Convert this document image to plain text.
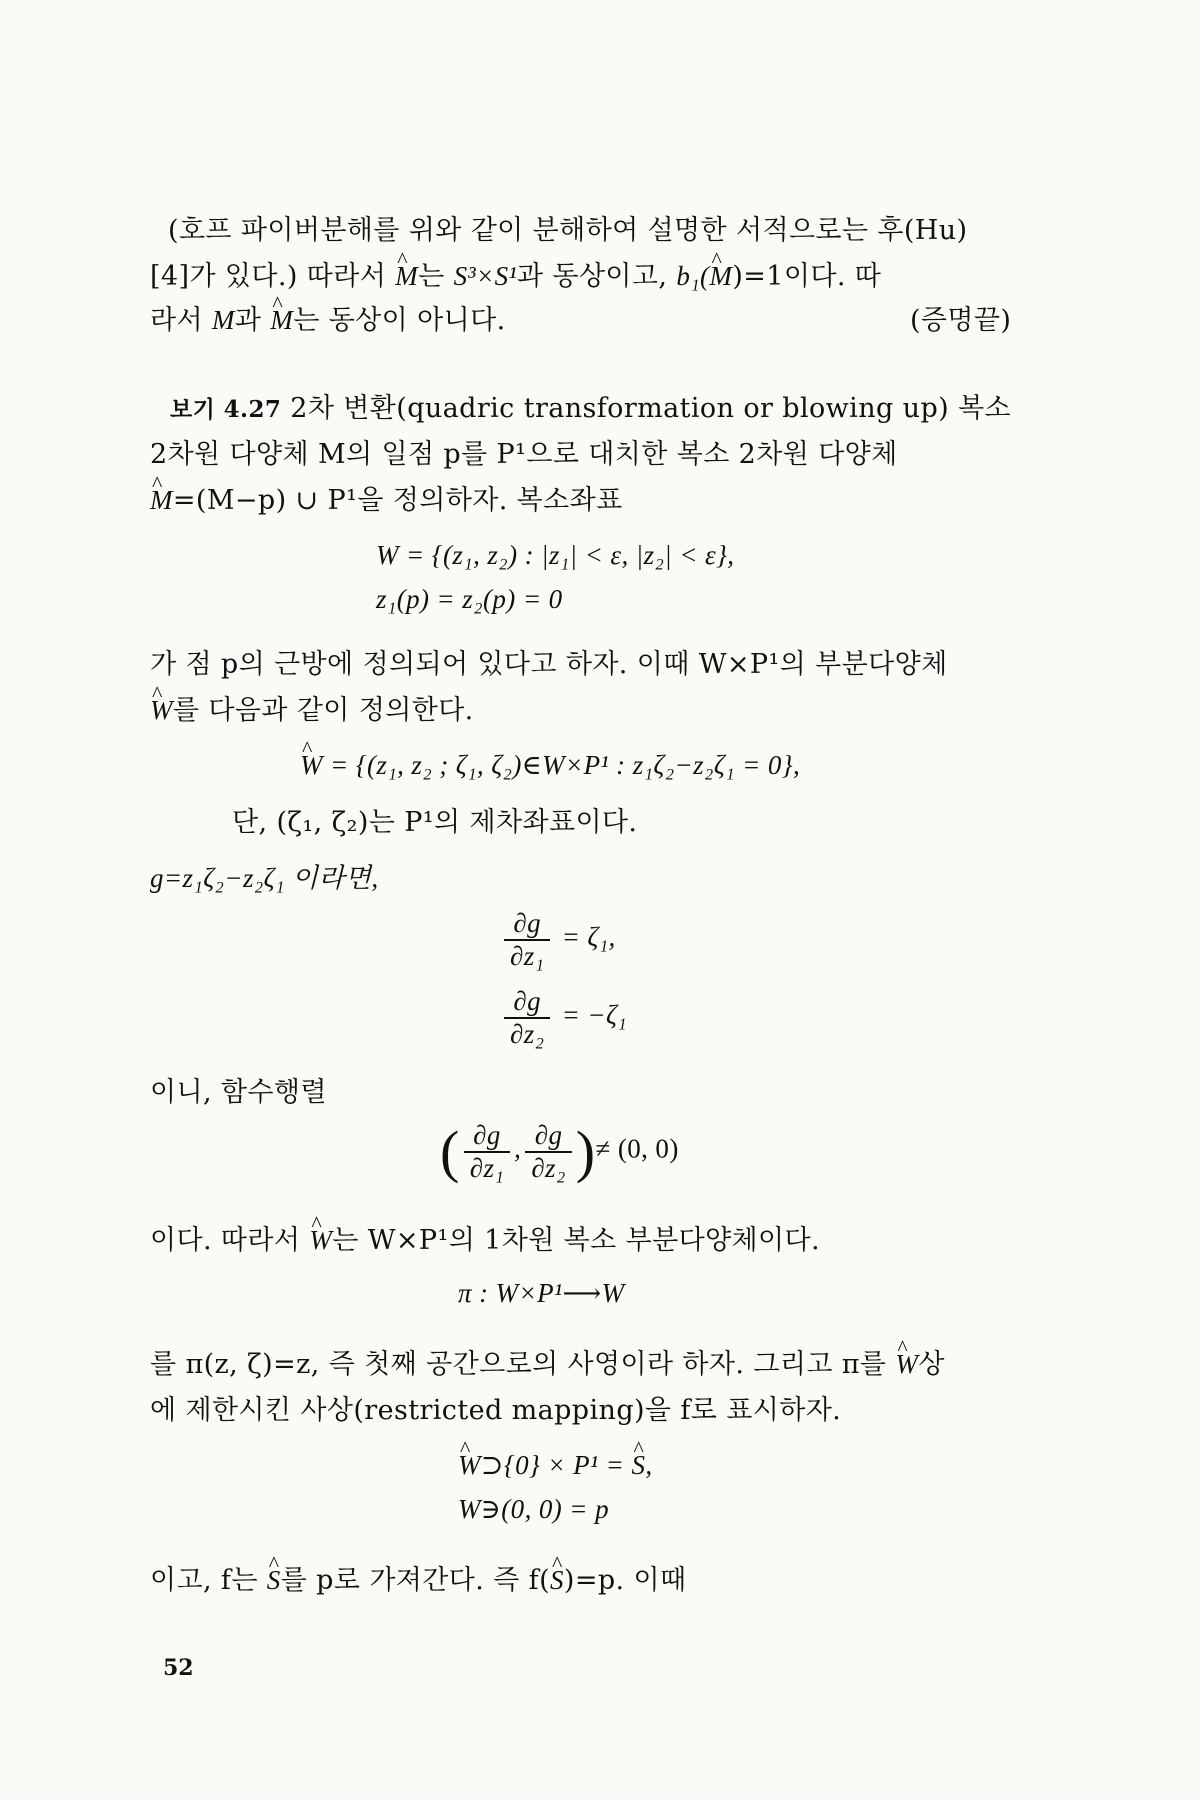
(호프 파이버분해를 위와 같이 분해하여 설명한 서적으로는 후(Hu)
[4]가 있다.) 따라서 ^ M는 S³×S¹과 동상이고, b₁(^ M)=1이다. 따
라서 M과 ^ M는 동상이 아니다.	(증명끝)
보기 4.27 2차 변환(quadric transformation or blowing up) 복소
2차원 다양체 M의 일점 p를 P¹으로 대치한 복소 2차원 다양체
^ M=(M−p) ∪ P¹을 정의하자. 복소좌표
W = {(z₁, z₂) : |z₁| < ε, |z₂| < ε},
z₁(p) = z₂(p) = 0
가 점 p의 근방에 정의되어 있다고 하자. 이때 W×P¹의 부분다양체
^ W를 다음과 같이 정의한다.
^ W = {(z₁, z₂ ; ζ₁, ζ₂)∈W×P¹ : z₁ζ₂−z₂ζ₁ = 0},
단, (ζ₁, ζ₂)는 P¹의 제차좌표이다.
g=z₁ζ₂−z₂ζ₁ 이라면,
$\frac{\partial g}{\text{∂z₁}} = \zeta_1$,
$\frac{\partial g}{\text{∂z₂}} = -\zeta_1$
이니, 함수행렬
( $\frac{\partial g}{\text{∂z₁}}$ , $\frac{\partial g}{\text{∂z₂}}$ )≠ (0, 0)
이다. 따라서 ^ W는 W×P¹의 1차원 복소 부분다양체이다.
π : W×P¹⟶W
를 π(z, ζ)=z, 즉 첫째 공간으로의 사영이라 하자. 그리고 π를 ^ W상
에 제한시킨 사상(restricted mapping)을 f로 표시하자.
^ W⊃{0} × P¹ = ^ S,
W∋(0, 0) = p
이고, f는 ^ S를 p로 가져간다. 즉 f(^ S)=p. 이때
52
